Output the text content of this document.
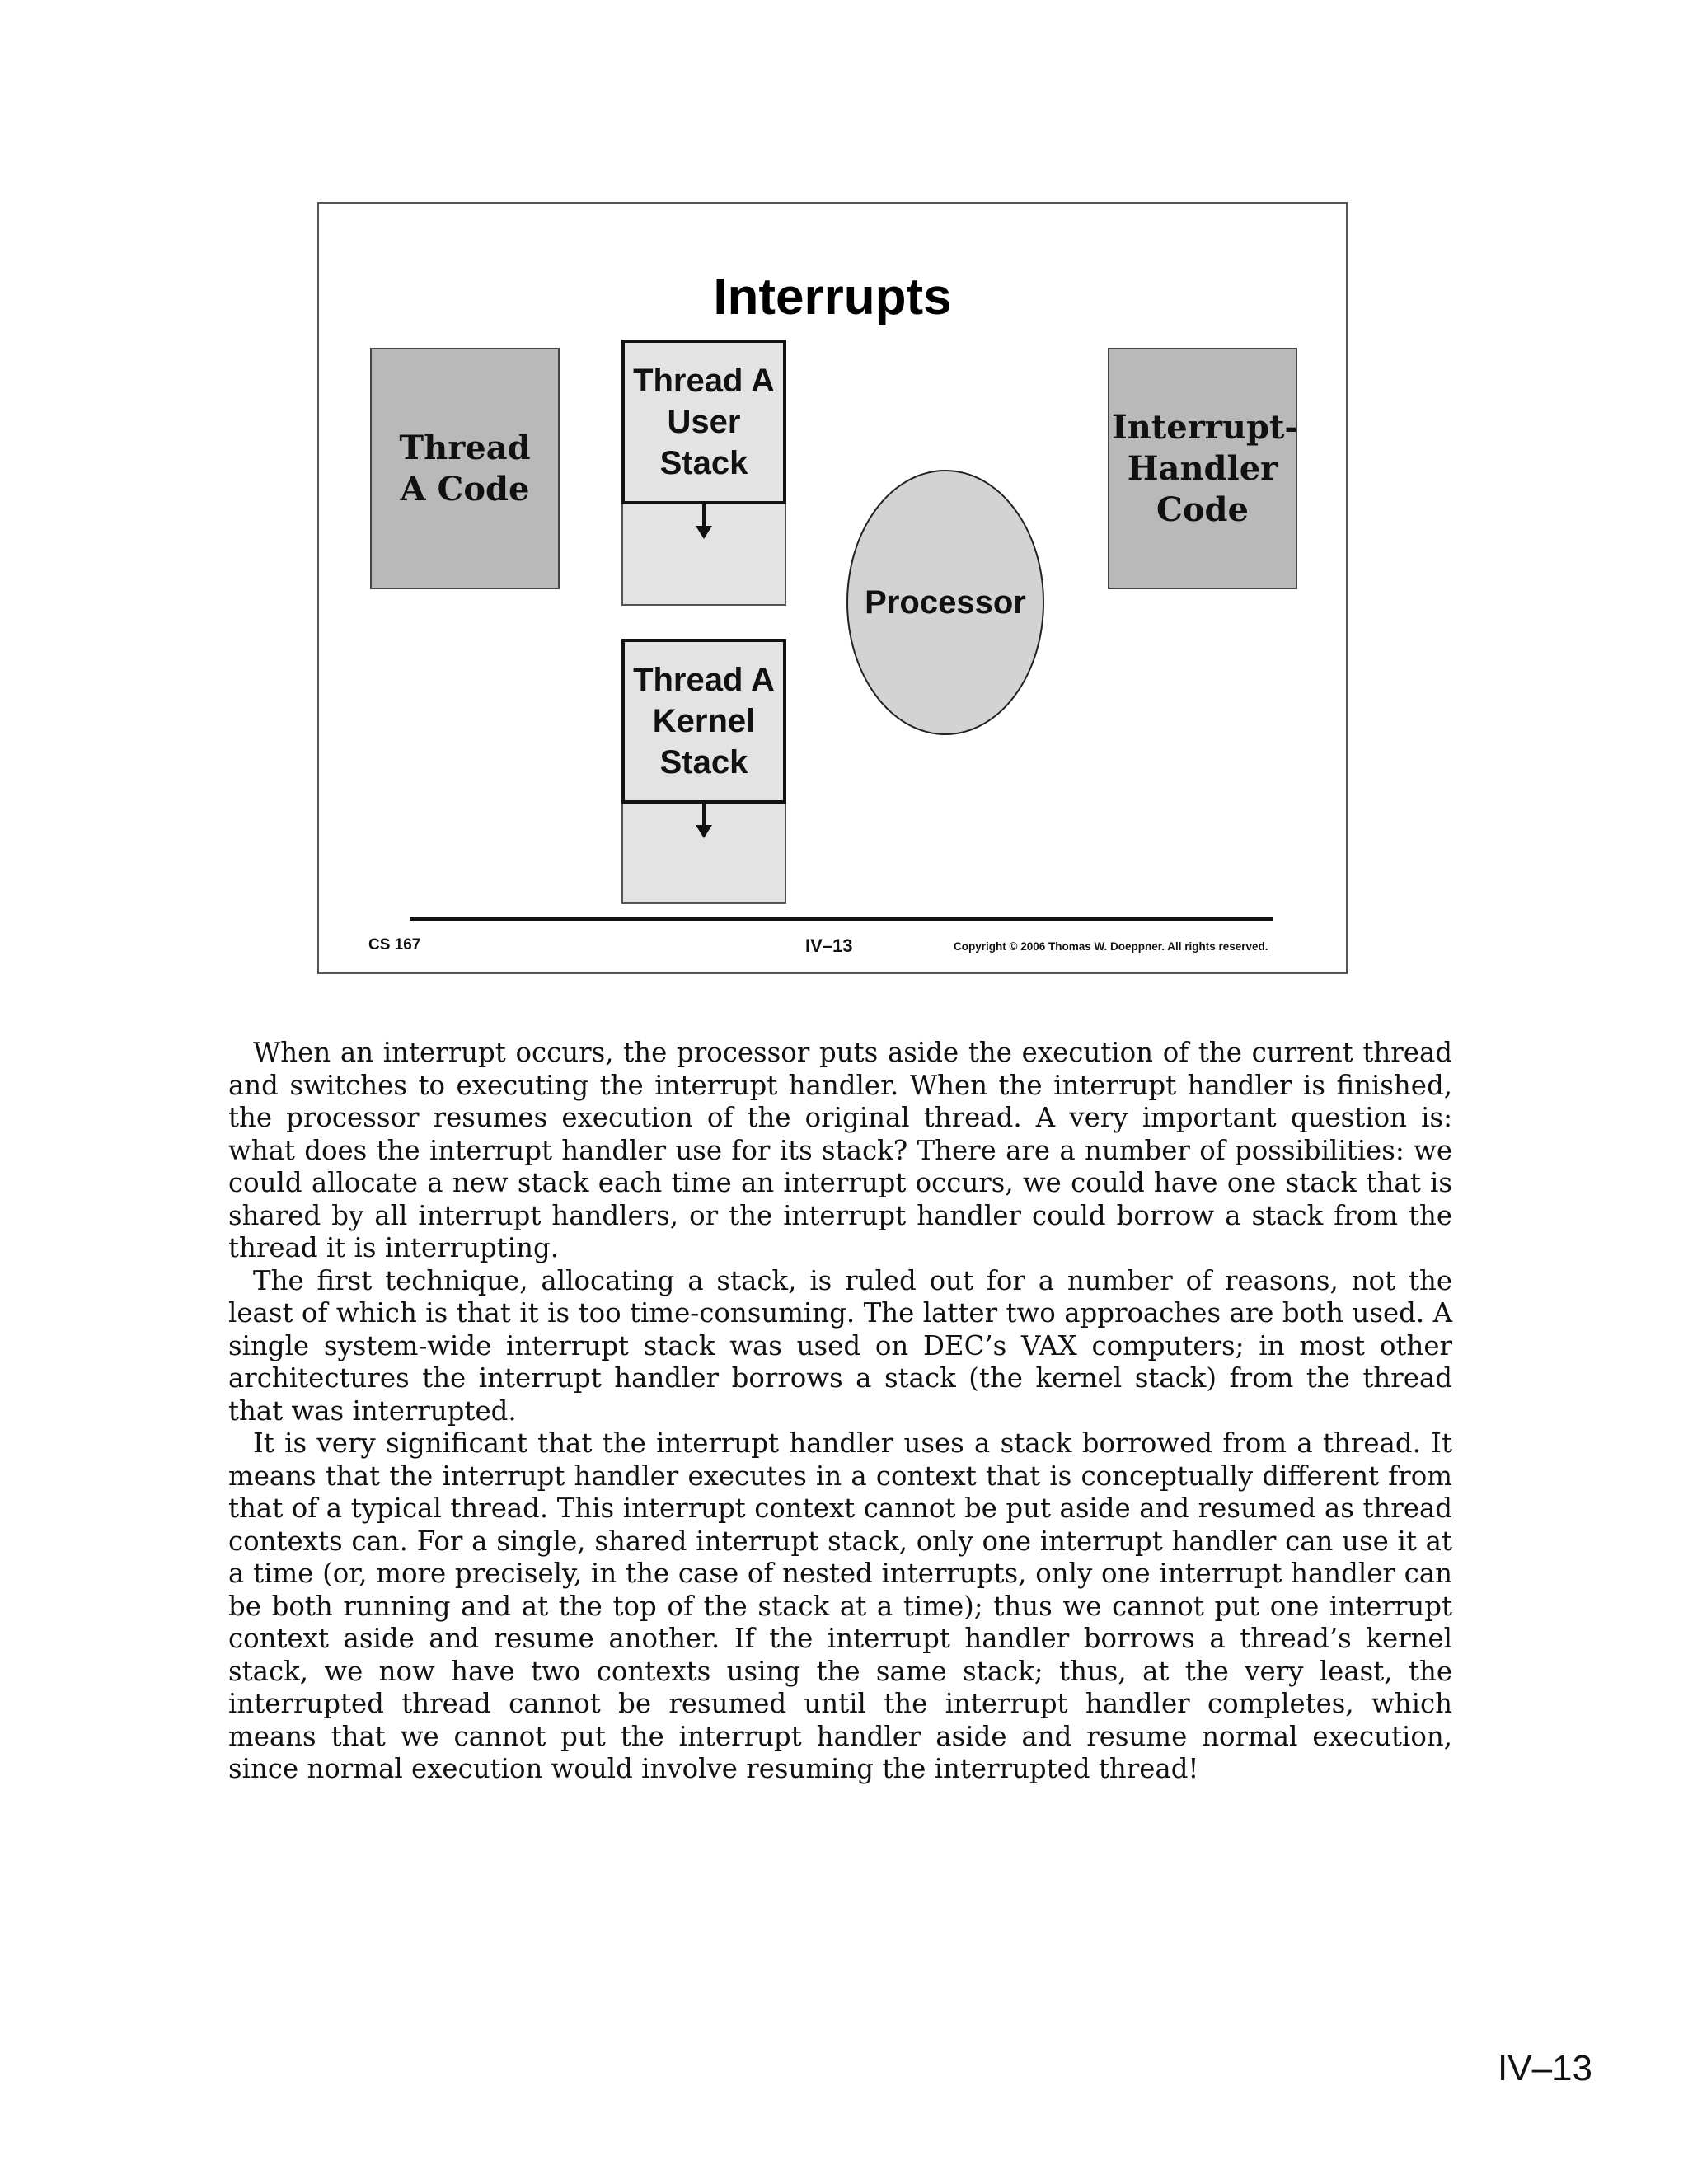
Interrupts
Thread A Code
Thread A User Stack
Thread A Kernel Stack
Processor
Interrupt-Handler Code
CS 167	IV–13	Copyright © 2006 Thomas W. Doeppner. All rights reserved.

When an interrupt occurs, the processor puts aside the execution of the current thread and switches to executing the interrupt handler. When the interrupt handler is finished, the processor resumes execution of the original thread. A very important question is: what does the interrupt handler use for its stack? There are a number of possibilities: we could allocate a new stack each time an interrupt occurs, we could have one stack that is shared by all interrupt handlers, or the interrupt handler could borrow a stack from the thread it is interrupting.

The first technique, allocating a stack, is ruled out for a number of reasons, not the least of which is that it is too time-consuming. The latter two approaches are both used. A single system-wide interrupt stack was used on DEC’s VAX computers; in most other architectures the interrupt handler borrows a stack (the kernel stack) from the thread that was interrupted.

It is very significant that the interrupt handler uses a stack borrowed from a thread. It means that the interrupt handler executes in a context that is conceptually different from that of a typical thread. This interrupt context cannot be put aside and resumed as thread contexts can. For a single, shared interrupt stack, only one interrupt handler can use it at a time (or, more precisely, in the case of nested interrupts, only one interrupt handler can be both running and at the top of the stack at a time); thus we cannot put one interrupt context aside and resume another. If the interrupt handler borrows a thread’s kernel stack, we now have two contexts using the same stack; thus, at the very least, the interrupted thread cannot be resumed until the interrupt handler completes, which means that we cannot put the interrupt handler aside and resume normal execution, since normal execution would involve resuming the interrupted thread!

IV–13
